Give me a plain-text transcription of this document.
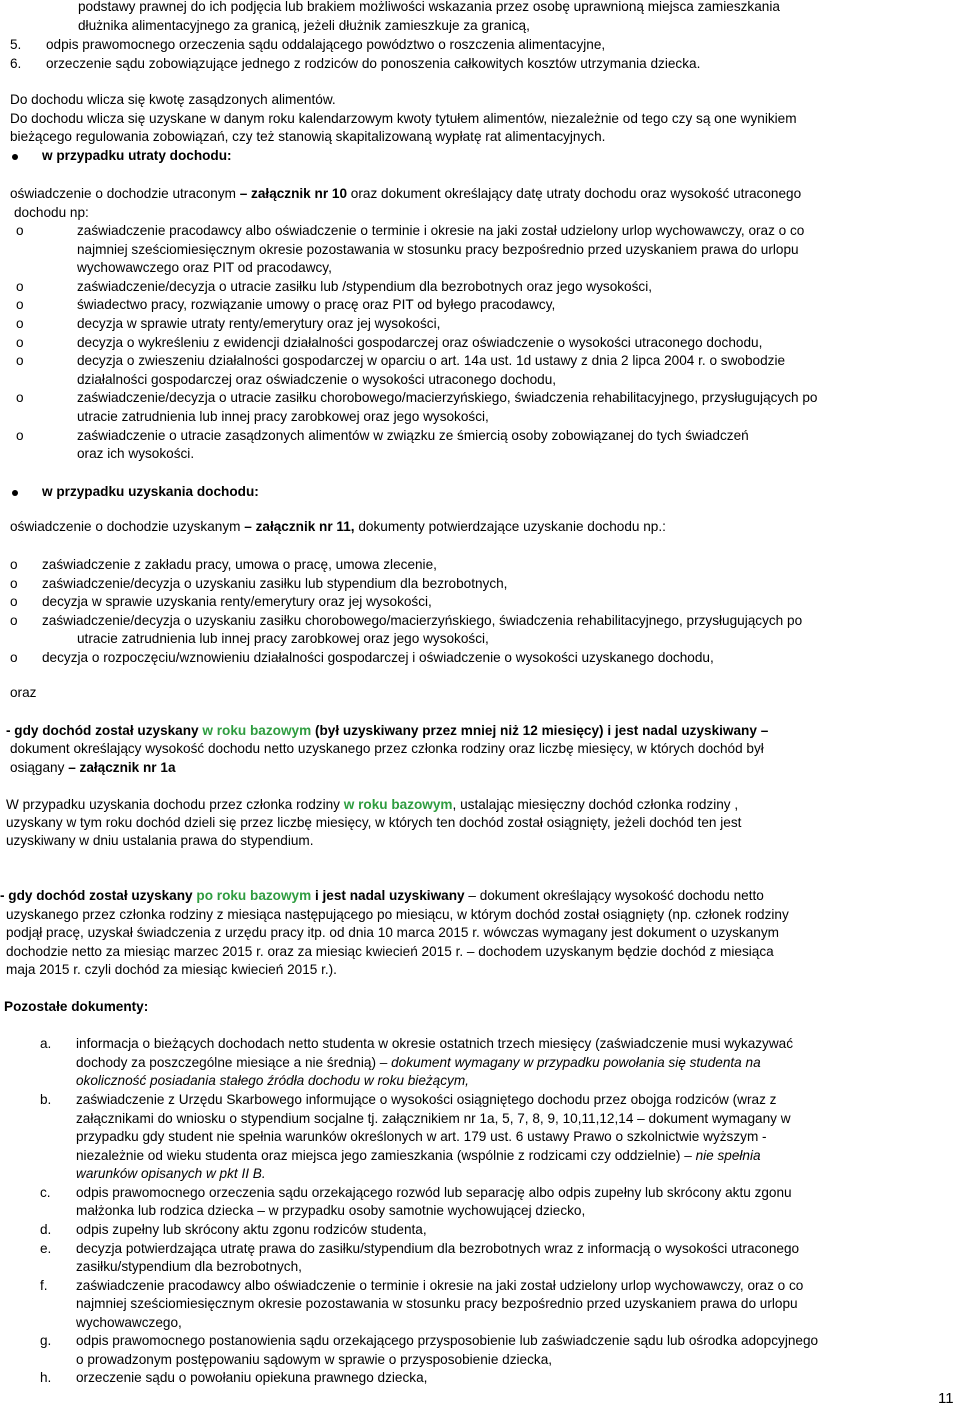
podstawy prawnej do ich podjęcia lub brakiem możliwości wskazania przez osobę uprawnioną miejsca zamieszkania
dłużnika alimentacyjnego za granicą, jeżeli dłużnik zamieszkuje za granicą,
5. odpis prawomocnego orzeczenia sądu oddalającego powództwo o roszczenia alimentacyjne,
6. orzeczenie sądu zobowiązujące jednego z rodziców do ponoszenia całkowitych kosztów utrzymania dziecka.
Do dochodu wlicza się kwotę zasądzonych alimentów.
Do dochodu wlicza się uzyskane w danym roku kalendarzowym kwoty tytułem alimentów, niezależnie od tego czy są one wynikiem
bieżącego regulowania zobowiązań, czy też stanowią skapitalizowaną wypłatę rat alimentacyjnych.
w przypadku utraty dochodu:
oświadczenie o dochodzie utraconym – załącznik nr 10 oraz dokument określający datę utraty dochodu oraz wysokość utraconego
dochodu np:
o	zaświadczenie pracodawcy albo oświadczenie o terminie i okresie na jaki został udzielony urlop wychowawczy, oraz o co
najmniej sześciomiesięcznym okresie pozostawania w stosunku pracy bezpośrednio przed uzyskaniem prawa do urlopu
wychowawczego oraz PIT od pracodawcy,
o	zaświadczenie/decyzja o utracie zasiłku lub /stypendium dla bezrobotnych oraz jego wysokości,
o	świadectwo pracy, rozwiązanie umowy o pracę oraz PIT od byłego pracodawcy,
o	decyzja w sprawie utraty renty/emerytury oraz jej wysokości,
o	decyzja o wykreśleniu z ewidencji działalności gospodarczej oraz oświadczenie o wysokości utraconego dochodu,
o	decyzja o zwieszeniu działalności gospodarczej w oparciu o art. 14a ust. 1d ustawy z dnia 2 lipca 2004 r. o swobodzie
działalności gospodarczej oraz oświadczenie o wysokości utraconego dochodu,
o	zaświadczenie/decyzja o utracie zasiłku chorobowego/macierzyńskiego, świadczenia rehabilitacyjnego, przysługujących po
utracie zatrudnienia lub innej pracy zarobkowej oraz jego wysokości,
o	zaświadczenie o utracie zasądzonych alimentów w związku ze śmiercią osoby zobowiązanej do tych świadczeń
oraz ich wysokości.
w przypadku uzyskania dochodu:
oświadczenie o dochodzie uzyskanym – załącznik nr 11, dokumenty potwierdzające uzyskanie dochodu np.:
o zaświadczenie z zakładu pracy, umowa o pracę, umowa zlecenie,
o zaświadczenie/decyzja o uzyskaniu zasiłku lub stypendium dla bezrobotnych,
o decyzja w sprawie uzyskania renty/emerytury oraz jej wysokości,
o zaświadczenie/decyzja o uzyskaniu zasiłku chorobowego/macierzyńskiego, świadczenia rehabilitacyjnego, przysługujących po
utracie zatrudnienia lub innej pracy zarobkowej oraz jego wysokości,
o decyzja o rozpoczęciu/wznowieniu działalności gospodarczej i oświadczenie o wysokości uzyskanego dochodu,
oraz
- gdy dochód został uzyskany w roku bazowym (był uzyskiwany przez mniej niż 12 miesięcy) i jest nadal uzyskiwany –
dokument określający wysokość dochodu netto uzyskanego przez członka rodziny oraz liczbę miesięcy, w których dochód był
osiągany – załącznik nr 1a
W przypadku uzyskania dochodu przez członka rodziny w roku bazowym, ustalając miesięczny dochód członka rodziny ,
uzyskany w tym roku dochód dzieli się przez liczbę miesięcy, w których ten dochód został osiągnięty, jeżeli dochód ten jest
uzyskiwany w dniu ustalania prawa do stypendium.
- gdy dochód został uzyskany po roku bazowym i jest nadal uzyskiwany – dokument określający wysokość dochodu netto
uzyskanego przez członka rodziny z miesiąca następującego po miesiącu, w którym dochód został osiągnięty (np. członek rodziny
podjął pracę, uzyskał świadczenia z urzędu pracy itp. od dnia 10 marca 2015 r. wówczas wymagany jest dokument o uzyskanym
dochodzie netto za miesiąc marzec 2015 r. oraz za miesiąc kwiecień 2015 r. – dochodem uzyskanym będzie dochód z miesiąca
maja 2015 r. czyli dochód za miesiąc kwiecień 2015 r.).
Pozostałe dokumenty:
a. informacja o bieżących dochodach netto studenta w okresie ostatnich trzech miesięcy (zaświadczenie musi wykazywać
dochody za poszczególne miesiące a nie średnią) – dokument wymagany w przypadku powołania się studenta na
okoliczność posiadania stałego źródła dochodu w roku bieżącym,
b. zaświadczenie z Urzędu Skarbowego informujące o wysokości osiągniętego dochodu przez obojga rodziców (wraz z
załącznikami do wniosku o stypendium socjalne tj. załącznikiem nr 1a, 5, 7, 8, 9, 10,11,12,14 – dokument wymagany w
przypadku gdy student nie spełnia warunków określonych w art. 179 ust. 6 ustawy Prawo o szkolnictwie wyższym -
niezależnie od wieku studenta oraz miejsca jego zamieszkania (wspólnie z rodzicami czy oddzielnie) – nie spełnia
warunków opisanych w pkt II B.
c. odpis prawomocnego orzeczenia sądu orzekającego rozwód lub separację albo odpis zupełny lub skrócony aktu zgonu
małżonka lub rodzica dziecka – w przypadku osoby samotnie wychowującej dziecko,
d. odpis zupełny lub skrócony aktu zgonu rodziców studenta,
e. decyzja potwierdzająca utratę prawa do zasiłku/stypendium dla bezrobotnych wraz z informacją o wysokości utraconego
zasiłku/stypendium dla bezrobotnych,
f. zaświadczenie pracodawcy albo oświadczenie o terminie i okresie na jaki został udzielony urlop wychowawczy, oraz o co
najmniej sześciomiesięcznym okresie pozostawania w stosunku pracy bezpośrednio przed uzyskaniem prawa do urlopu
wychowawczego,
g. odpis prawomocnego postanowienia sądu orzekającego przysposobienie lub zaświadczenie sądu lub ośrodka adopcyjnego
o prowadzonym postępowaniu sądowym w sprawie o przysposobienie dziecka,
h. orzeczenie sądu o powołaniu opiekuna prawnego dziecka,
11
